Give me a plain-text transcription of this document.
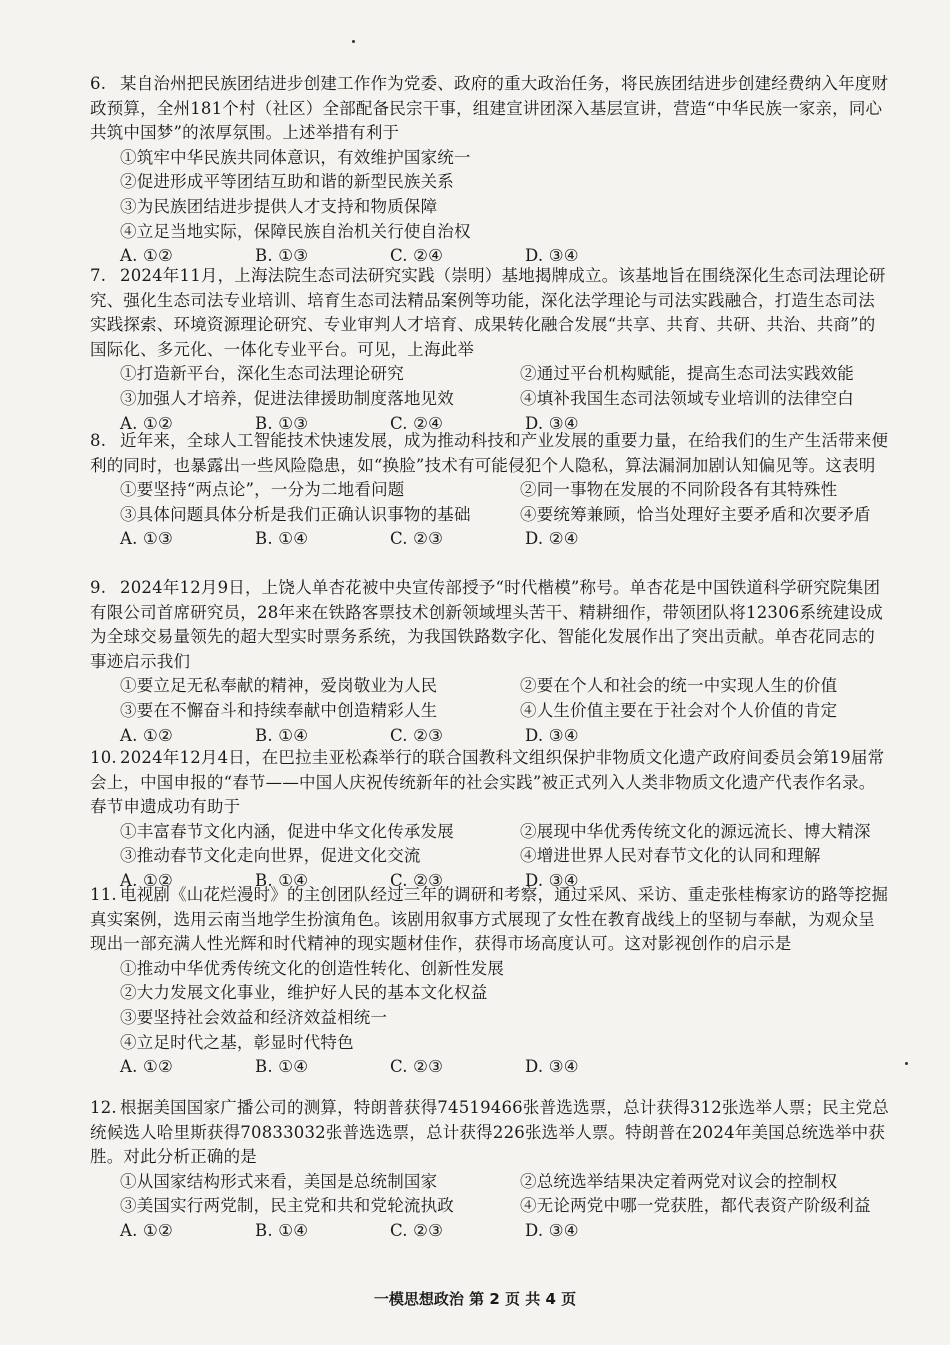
6. 某自治州把民族团结进步创建工作作为党委、政府的重大政治任务，将民族团结进步创建经费纳入年度财政预算，全州181个村（社区）全部配备民宗干事，组建宣讲团深入基层宣讲，营造“中华民族一家亲，同心共筑中国梦”的浓厚氛围。上述举措有利于
①筑牢中华民族共同体意识，有效维护国家统一
②促进形成平等团结互助和谐的新型民族关系
③为民族团结进步提供人才支持和物质保障
④立足当地实际，保障民族自治机关行使自治权
A. ①②	B. ①③	C. ②④	D. ③④
7. 2024年11月，上海法院生态司法研究实践（崇明）基地揭牌成立。该基地旨在围绕深化生态司法理论研究、强化生态司法专业培训、培育生态司法精品案例等功能，深化法学理论与司法实践融合，打造生态司法实践探索、环境资源理论研究、专业审判人才培育、成果转化融合发展“共享、共育、共研、共治、共商”的国际化、多元化、一体化专业平台。可见，上海此举
①打造新平台，深化生态司法理论研究	②通过平台机构赋能，提高生态司法实践效能
③加强人才培养，促进法律援助制度落地见效	④填补我国生态司法领域专业培训的法律空白
A. ①②	B. ①③	C. ②④	D. ③④
8. 近年来，全球人工智能技术快速发展，成为推动科技和产业发展的重要力量，在给我们的生产生活带来便利的同时，也暴露出一些风险隐患，如“换脸”技术有可能侵犯个人隐私，算法漏洞加剧认知偏见等。这表明
①要坚持“两点论”，一分为二地看问题	②同一事物在发展的不同阶段各有其特殊性
③具体问题具体分析是我们正确认识事物的基础	④要统筹兼顾，恰当处理好主要矛盾和次要矛盾
A. ①③	B. ①④	C. ②③	D. ②④
9. 2024年12月9日，上饶人单杏花被中央宣传部授予“时代楷模”称号。单杏花是中国铁道科学研究院集团有限公司首席研究员，28年来在铁路客票技术创新领域埋头苦干、精耕细作，带领团队将12306系统建设成为全球交易量领先的超大型实时票务系统，为我国铁路数字化、智能化发展作出了突出贡献。单杏花同志的事迹启示我们
①要立足无私奉献的精神，爱岗敬业为人民	②要在个人和社会的统一中实现人生的价值
③要在不懈奋斗和持续奉献中创造精彩人生	④人生价值主要在于社会对个人价值的肯定
A. ①②	B. ①④	C. ②③	D. ③④
10. 2024年12月4日，在巴拉圭亚松森举行的联合国教科文组织保护非物质文化遗产政府间委员会第19届常会上，中国申报的“春节——中国人庆祝传统新年的社会实践”被正式列入人类非物质文化遗产代表作名录。春节申遗成功有助于
①丰富春节文化内涵，促进中华文化传承发展	②展现中华优秀传统文化的源远流长、博大精深
③推动春节文化走向世界，促进文化交流	④增进世界人民对春节文化的认同和理解
A. ①②	B. ①④	C. ②③	D. ③④
11. 电视剧《山花烂漫时》的主创团队经过三年的调研和考察，通过采风、采访、重走张桂梅家访的路等挖掘真实案例，选用云南当地学生扮演角色。该剧用叙事方式展现了女性在教育战线上的坚韧与奉献，为观众呈现出一部充满人性光辉和时代精神的现实题材佳作，获得市场高度认可。这对影视创作的启示是
①推动中华优秀传统文化的创造性转化、创新性发展
②大力发展文化事业，维护好人民的基本文化权益
③要坚持社会效益和经济效益相统一
④立足时代之基，彰显时代特色
A. ①②	B. ①④	C. ②③	D. ③④
12. 根据美国国家广播公司的测算，特朗普获得74519466张普选选票，总计获得312张选举人票；民主党总统候选人哈里斯获得70833032张普选选票，总计获得226张选举人票。特朗普在2024年美国总统选举中获胜。对此分析正确的是
①从国家结构形式来看，美国是总统制国家	②总统选举结果决定着两党对议会的控制权
③美国实行两党制，民主党和共和党轮流执政	④无论两党中哪一党获胜，都代表资产阶级利益
A. ①②	B. ①④	C. ②③	D. ③④
一模思想政治 第 2 页 共 4 页
